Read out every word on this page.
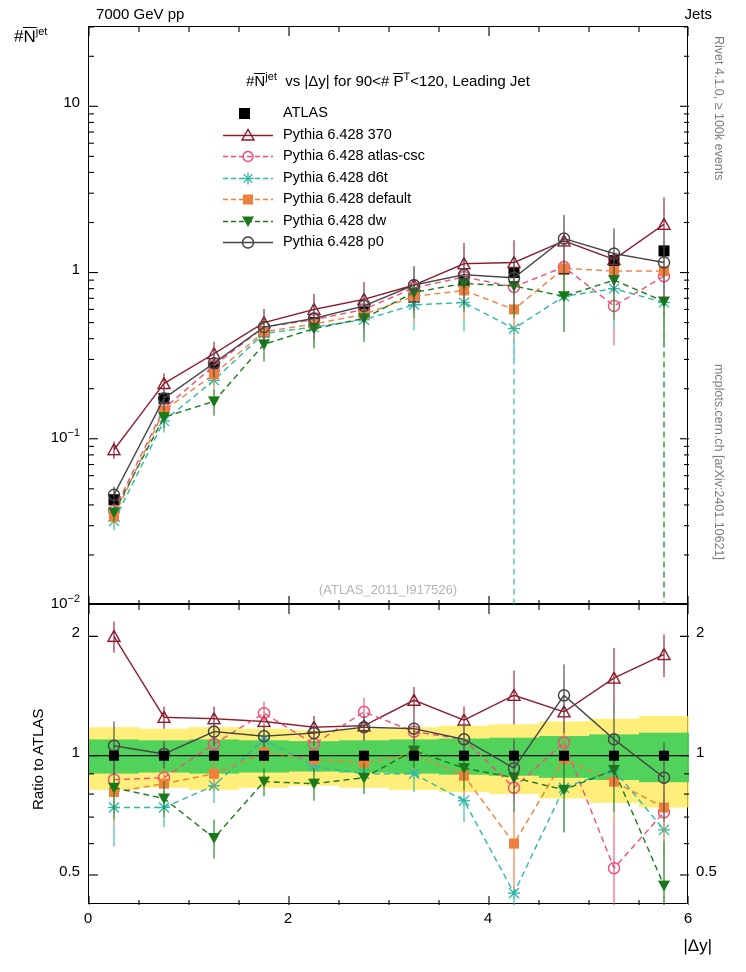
7000 GeV pp	Jets
Rivet 4.1.0, ≥ 100k events
mcplots.cern.ch [arXiv:2401.10621]
$\#N^{jet}$
$\#N^{jet}$  vs |Δy| for 90<# $P^T<120$, Leading Jet
ATLAS
Pythia 6.428 370
Pythia 6.428 atlas-csc
Pythia 6.428 d6t
Pythia 6.428 default
Pythia 6.428 dw
Pythia 6.428 p0
(ATLAS_2011_I917526)
Ratio to ATLAS
|Δy|
10
1
$10^{-1}$
$10^{-2}$
2
1
0.5
2
1
0.5
0	2	4	6
